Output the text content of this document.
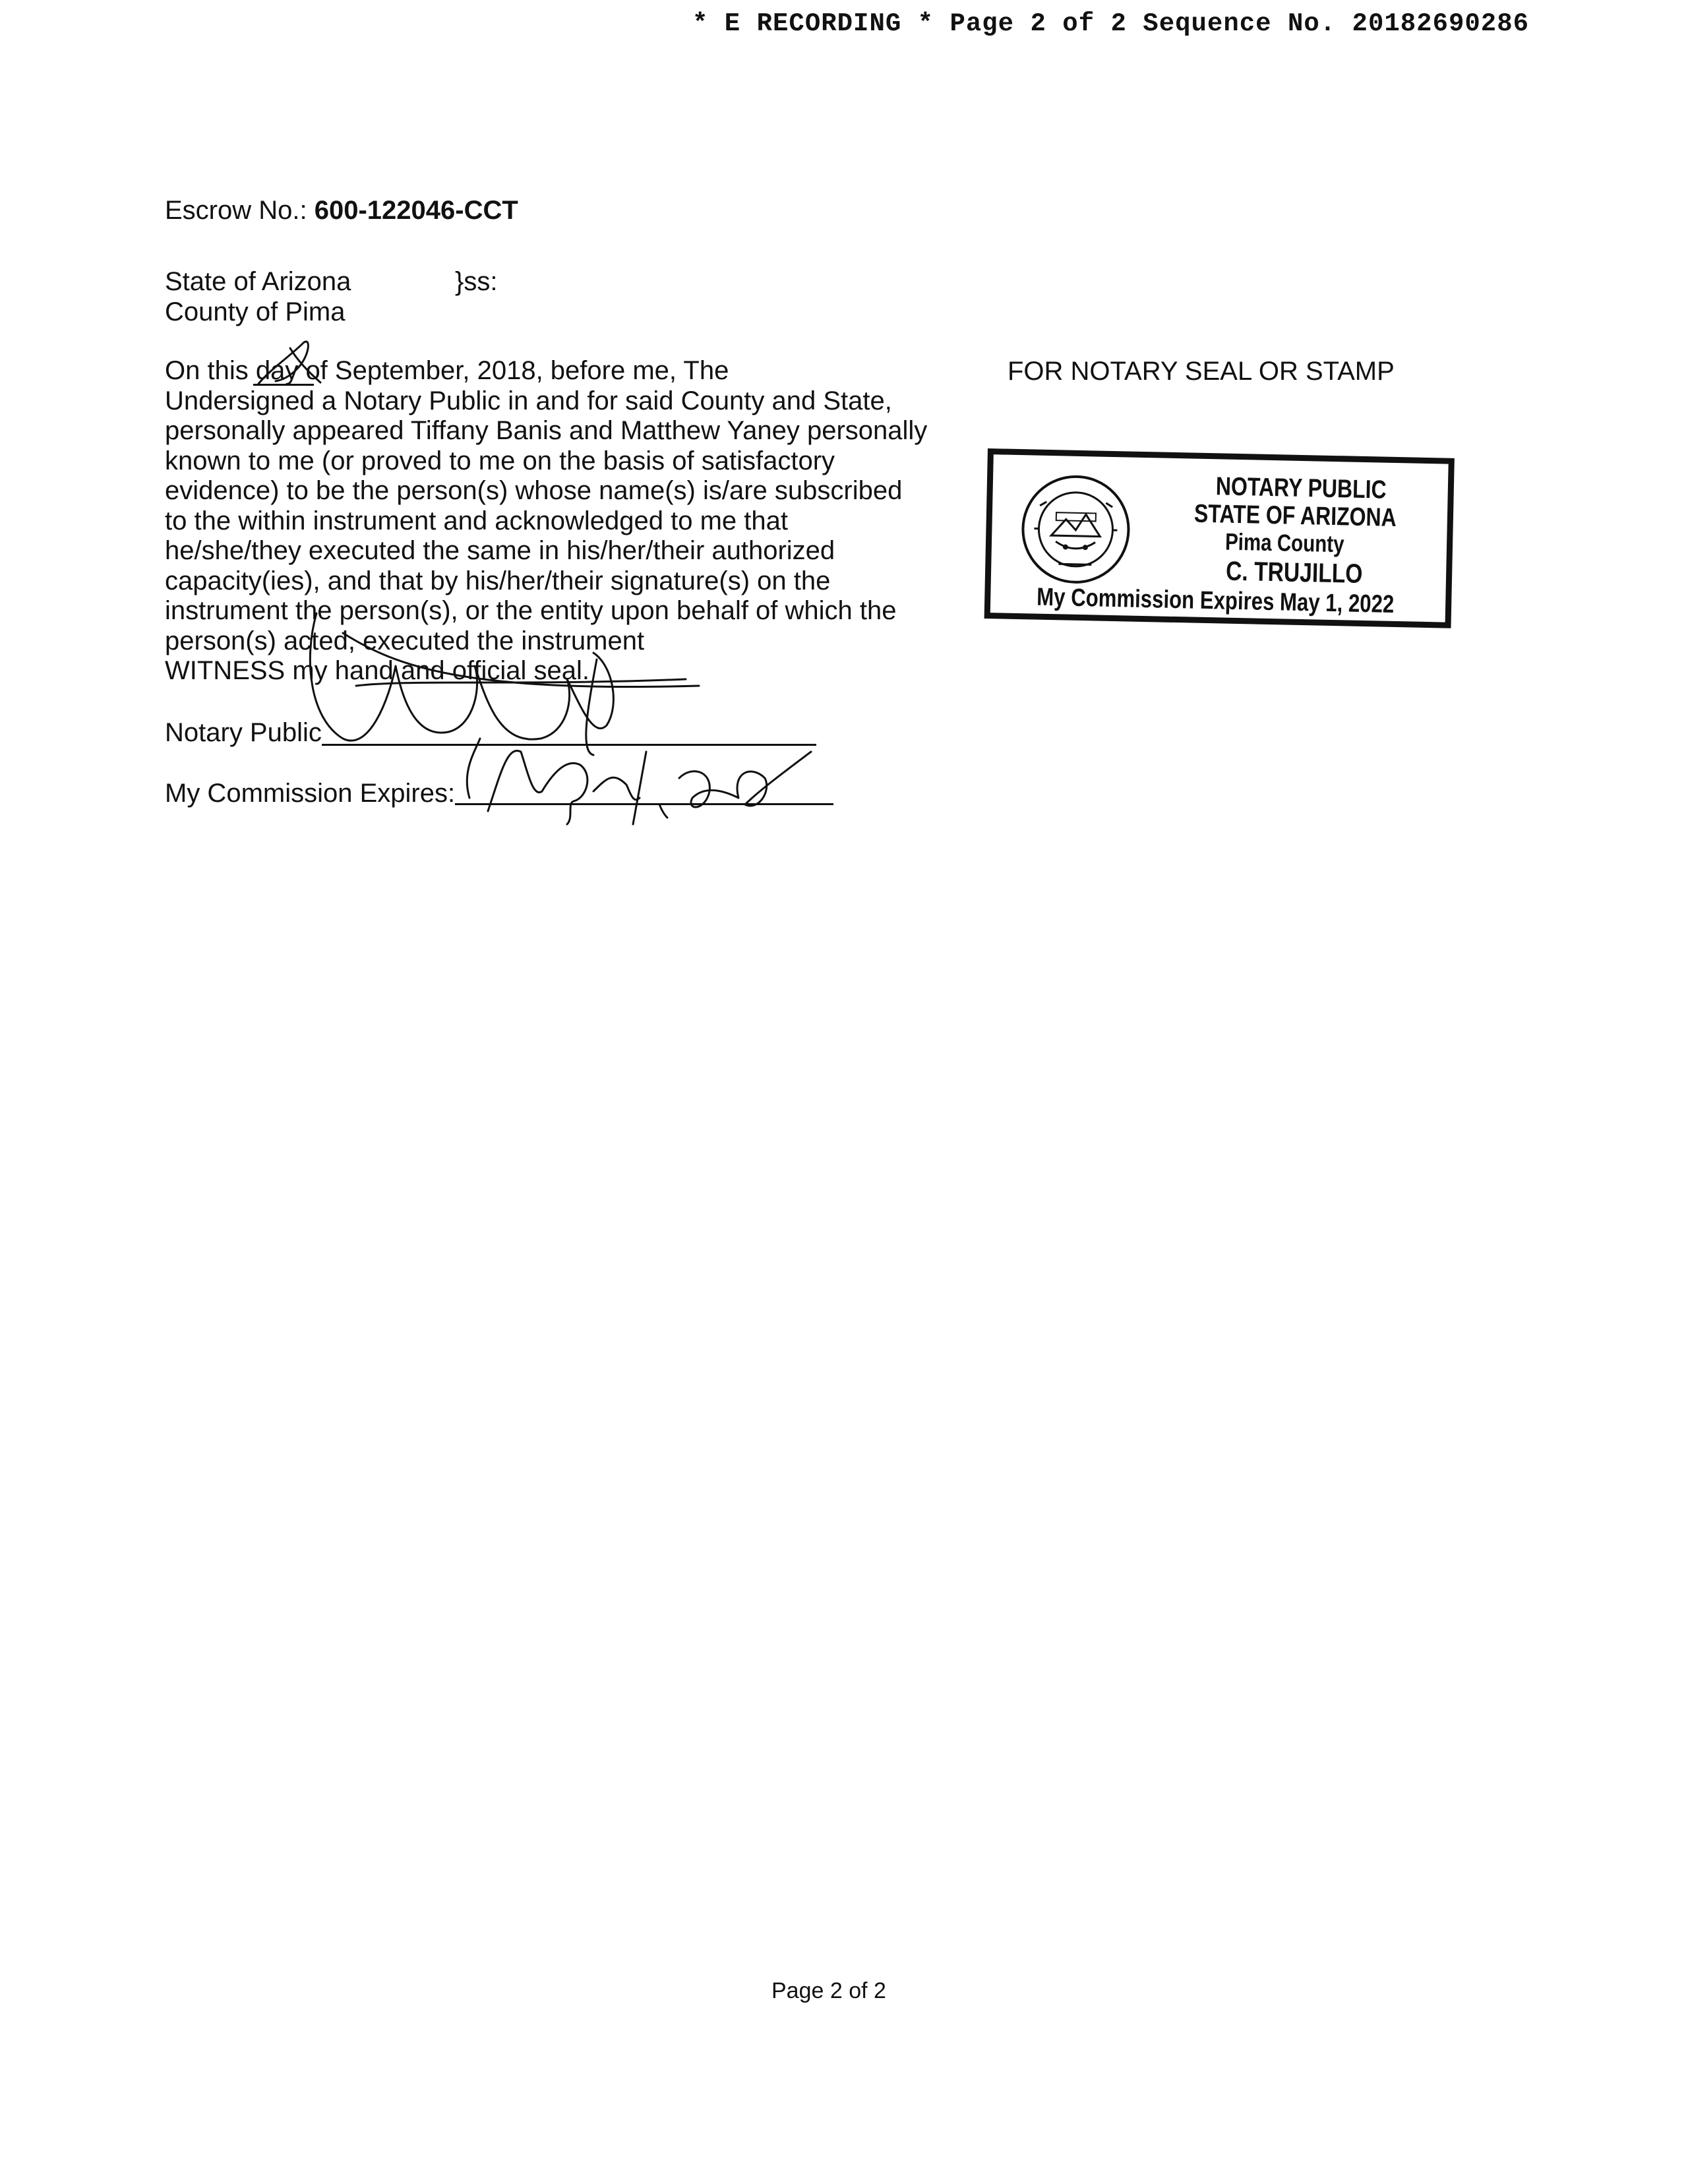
* E RECORDING * Page 2 of 2 Sequence No. 20182690286
Escrow No.: 600-122046-CCT
State of Arizona
County of Pima
}ss:
On this day of September, 2018, before me, The
Undersigned a Notary Public in and for said County and State,
personally appeared Tiffany Banis and Matthew Yaney personally
known to me (or proved to me on the basis of satisfactory
evidence) to be the person(s) whose name(s) is/are subscribed
to the within instrument and acknowledged to me that
he/she/they executed the same in his/her/their authorized
capacity(ies), and that by his/her/their signature(s) on the
instrument the person(s), or the entity upon behalf of which the
person(s) acted, executed the instrument
WITNESS my hand and official seal.
Notary Public
My Commission Expires:
FOR NOTARY SEAL OR STAMP
NOTARY PUBLIC
STATE OF ARIZONA
Pima County
C. TRUJILLO
My Commission Expires May 1, 2022
Page 2 of 2
